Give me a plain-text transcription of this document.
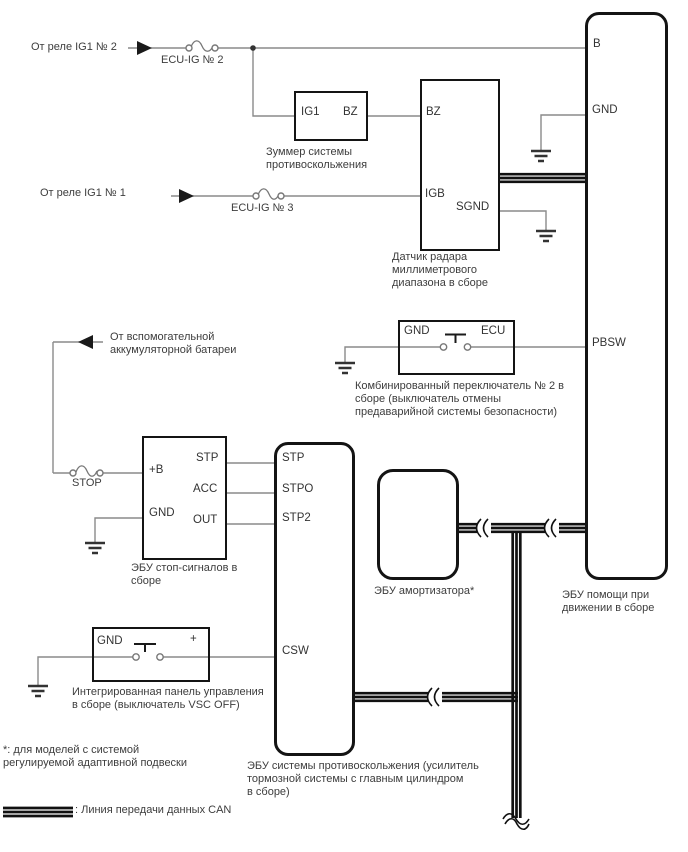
От реле IG1 № 2
ECU-IG № 2
От реле IG1 № 1
ECU-IG № 3
От вспомогательной
аккумуляторной батареи
STOP
IG1 BZ
Зуммер системы
противоскольжения
BZ
IGB
SGND
Датчик радара
миллиметрового
диапазона в сборе
B
GND
PBSW
ЭБУ помощи при
движении в сборе
GND	ECU
Комбинированный переключатель № 2 в
сборе (выключатель отмены
предаварийной системы безопасности)
+B
STP
ACC
GND
OUT
ЭБУ стоп-сигналов в
сборе
STP
STPO
STP2
CSW
ЭБУ системы противоскольжения (усилитель
тормозной системы с главным цилиндром
в сборе)
ЭБУ амортизатора*
GND	+
Интегрированная панель управления
в сборе (выключатель VSC OFF)
*: для моделей с системой
регулируемой адаптивной подвески
: Линия передачи данных CAN
